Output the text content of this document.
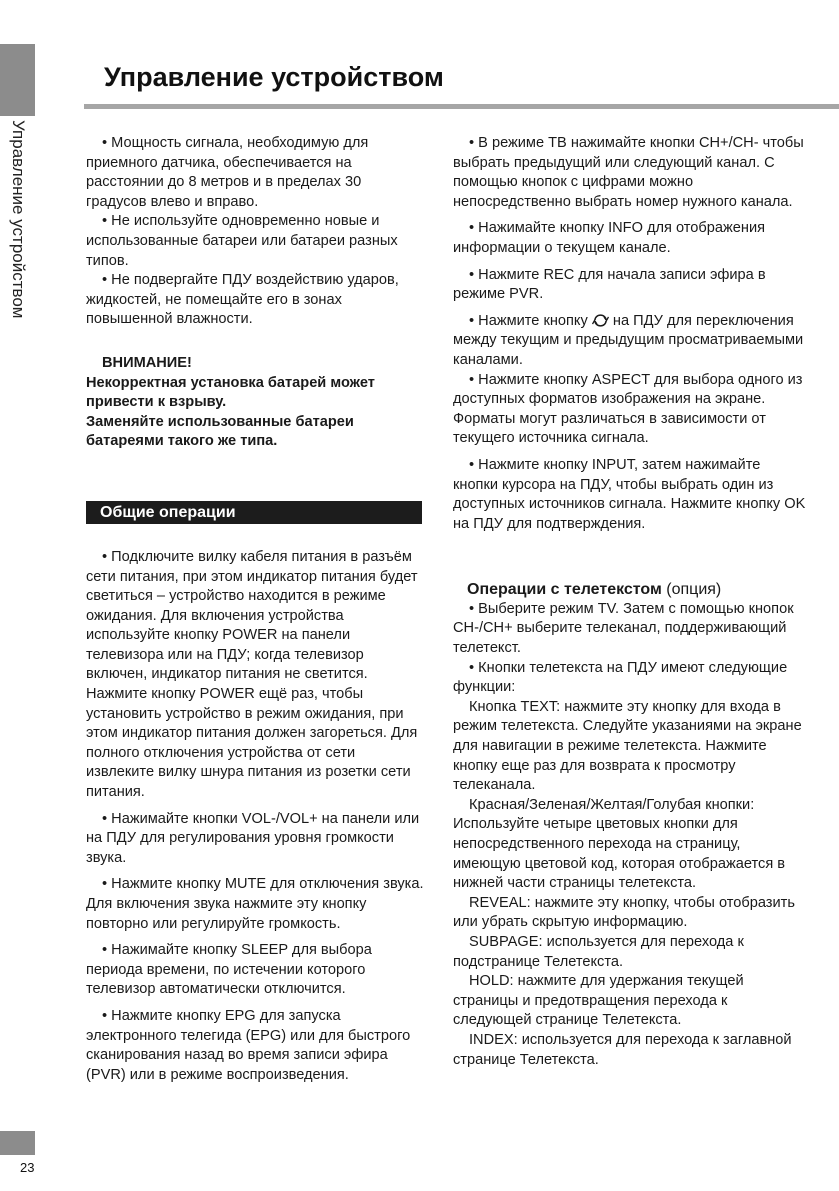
Управление устройством
Управление устройством

• Мощность сигнала, необходимую для приемного датчика, обеспечивается на расстоянии до 8 метров и в пределах 30 градусов влево и вправо.

• Не используйте одновременно новые и использованные батареи или батареи разных типов.

• Не подвергайте ПДУ воздействию ударов, жидкостей, не помещайте его в зонах повышенной влажности.

ВНИМАНИЕ!

Некорректная установка батарей может привести к взрыву.

Заменяйте использованные батареи батареями такого же типа.

Общие операции

• Подключите вилку кабеля питания в разъём сети питания, при этом индикатор питания будет светиться – устройство находится в режиме ожидания. Для включения устройства используйте кнопку POWER на панели телевизора или на ПДУ; когда телевизор включен, индикатор питания не светится. Нажмите кнопку POWER ещё раз, чтобы установить устройство в режим ожидания, при этом индикатор питания должен загореться. Для полного отключения устройства от сети извлеките вилку шнура питания из розетки сети питания.

• Нажимайте кнопки VOL-/VOL+ на панели или на ПДУ для регулирования уровня громкости звука.

• Нажмите кнопку MUTE для отключения звука. Для включения звука нажмите эту кнопку повторно или регулируйте громкость.

• Нажимайте кнопку SLEEP для выбора периода времени, по истечении которого телевизор автоматически отключится.

• Нажмите кнопку EPG для запуска электронного телегида (EPG) или для быстрого сканирования назад во время записи эфира (PVR) или в режиме воспроизведения.

• В режиме ТВ нажимайте кнопки CH+/CH- чтобы выбрать предыдущий или следующий канал. С помощью кнопок с цифрами можно непосредственно выбрать номер нужного канала.

• Нажимайте кнопку INFO для отображения информации о текущем канале.

• Нажмите REC для начала записи эфира в режиме PVR.

• Нажмите кнопку  на ПДУ для переключения между текущим и предыдущим просматриваемыми каналами.

• Нажмите кнопку ASPECT для выбора одного из доступных форматов изображения на экране. Форматы могут различаться в зависимости от текущего источника сигнала.

• Нажмите кнопку INPUT, затем нажимайте кнопки курсора на ПДУ, чтобы выбрать один из доступных источников сигнала. Нажмите кнопку OK на ПДУ для подтверждения.

Операции с телетекстом (опция)

• Выберите режим TV. Затем с помощью кнопок CH-/CH+ выберите телеканал, поддерживающий телетекст.

• Кнопки телетекста на ПДУ имеют следующие функции:

Кнопка TEXT: нажмите эту кнопку для входа в режим телетекста. Следуйте указаниями на экране для навигации в режиме телетекста. Нажмите кнопку еще раз для возврата к просмотру телеканала.

Красная/Зеленая/Желтая/Голубая кнопки: Используйте четыре цветовых кнопки для непосредственного перехода на страницу, имеющую цветовой код, которая отображается в нижней части страницы телетекста.

REVEAL: нажмите эту кнопку, чтобы отобразить или убрать скрытую информацию.

SUBPAGE: используется для перехода к подстранице Телетекста.

HOLD: нажмите для удержания текущей страницы и предотвращения перехода к следующей странице Телетекста.

INDEX: используется для перехода к заглавной странице Телетекста.

23
